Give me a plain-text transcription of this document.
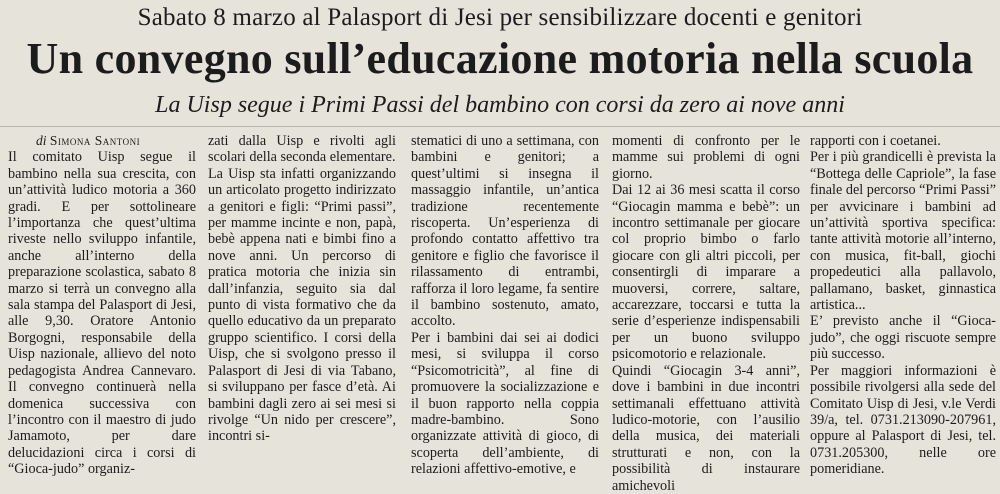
Sabato 8 marzo al Palasport di Jesi per sensibilizzare docenti e genitori
Un convegno sull’educazione motoria nella scuola
La Uisp segue i Primi Passi del bambino con corsi da zero ai nove anni

di Simona Santoni

Il comitato Uisp segue il bambino nella sua crescita, con un’attività ludico motoria a 360 gradi. E per sottolineare l’importanza che quest’ultima riveste nello sviluppo infantile, anche all’interno della preparazione scolastica, sabato 8 marzo si terrà un convegno alla sala stampa del Palasport di Jesi, alle 9,30. Oratore Antonio Borgogni, responsabile della Uisp nazionale, allievo del noto pedagogista Andrea Cannevaro. Il convegno continuerà nella domenica successiva con l’incontro con il maestro di judo Jamamoto, per dare delucidazioni circa i corsi di “Gioca-judo” organiz-

zati dalla Uisp e rivolti agli scolari della seconda elementare.

La Uisp sta infatti organizzando un articolato progetto indirizzato a genitori e figli: “Primi passi”, per mamme incinte e non, papà, bebè appena nati e bimbi fino a nove anni. Un percorso di pratica motoria che inizia sin dall’infanzia, seguito sia dal punto di vista formativo che da quello educativo da un preparato gruppo scientifico. I corsi della Uisp, che si svolgono presso il Palasport di Jesi di via Tabano, si sviluppano per fasce d’età. Ai bambini dagli zero ai sei mesi si rivolge “Un nido per crescere”, incontri si-

stematici di uno a settimana, con bambini e genitori; a quest’ultimi si insegna il massaggio infantile, un’antica tradizione recentemente riscoperta. Un’esperienza di profondo contatto affettivo tra genitore e figlio che favorisce il rilassamento di entrambi, rafforza il loro legame, fa sentire il bambino sostenuto, amato, accolto.

Per i bambini dai sei ai dodici mesi, si sviluppa il corso “Psicomotricità”, al fine di promuovere la socializzazione e il buon rapporto nella coppia madre-bambino. Sono organizzate attività di gioco, di scoperta dell’ambiente, di relazioni affettivo-emotive, e

momenti di confronto per le mamme sui problemi di ogni giorno.

Dai 12 ai 36 mesi scatta il corso “Giocagin mamma e bebè”: un incontro settimanale per giocare col proprio bimbo o farlo giocare con gli altri piccoli, per consentirgli di imparare a muoversi, correre, saltare, accarezzare, toccarsi e tutta la serie d’esperienze indispensabili per un buono sviluppo psicomotorio e relazionale.

Quindi “Giocagin 3-4 anni”, dove i bambini in due incontri settimanali effettuano attività ludico-motorie, con l’ausilio della musica, dei materiali strutturati e non, con la possibilità di instaurare amichevoli

rapporti con i coetanei.

Per i più grandicelli è prevista la “Bottega delle Capriole”, la fase finale del percorso “Primi Passi” per avvicinare i bambini ad un’attività sportiva specifica: tante attività motorie all’interno, con musica, fit-ball, giochi propedeutici alla pallavolo, pallamano, basket, ginnastica artistica...

E’ previsto anche il “Gioca-judo”, che oggi riscuote sempre più successo.

Per maggiori informazioni è possibile rivolgersi alla sede del Comitato Uisp di Jesi, v.le Verdi 39/a, tel. 0731.213090-207961, oppure al Palasport di Jesi, tel. 0731.205300, nelle ore pomeridiane.
